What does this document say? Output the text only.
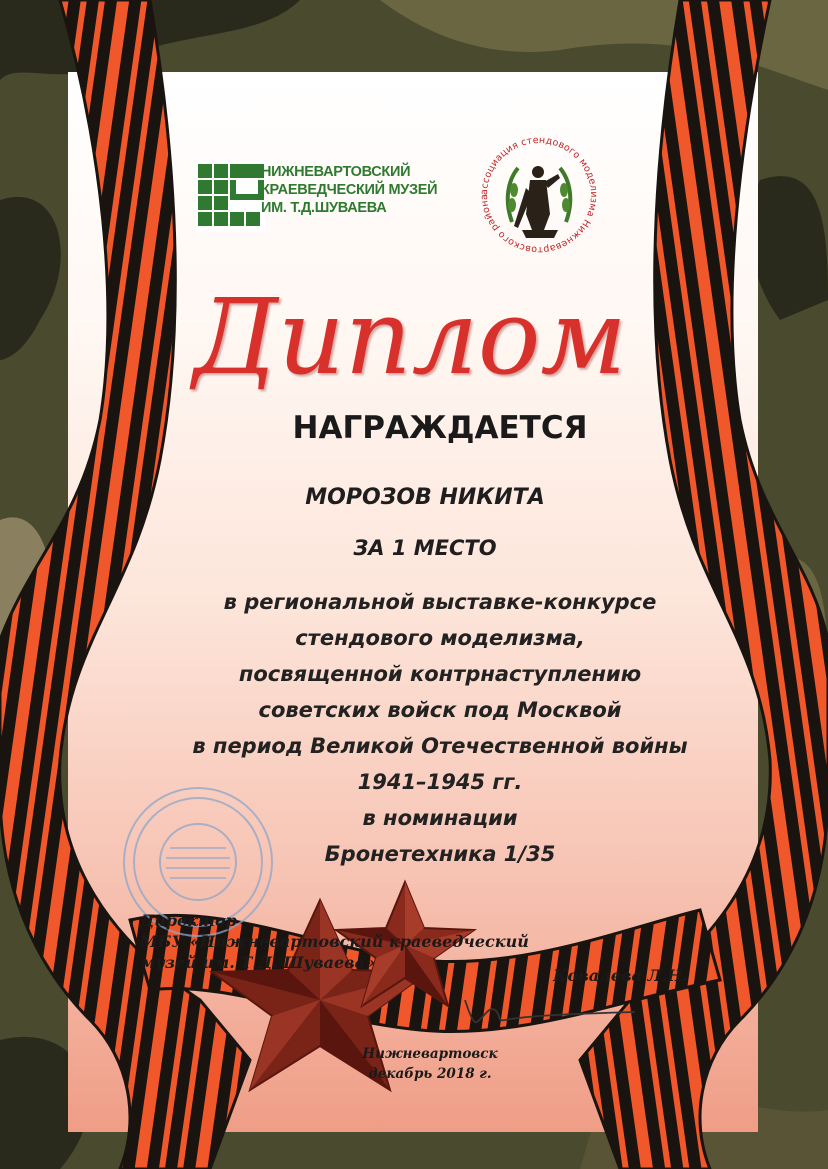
НИЖНЕВАРТОВСКИЙ
КРАЕВЕДЧЕСКИЙ МУЗЕЙ
ИМ. Т.Д.ШУВАЕВА
ассоциация стендового моделизма Нижневартовского района
Диплом
НАГРАЖДАЕТСЯ
МОРОЗОВ НИКИТА
ЗА 1 МЕСТО
в региональной выставке-конкурсе
стендового моделизма,
посвященной контрнаступлению
советских войск под Москвой
в период Великой Отечественной войны
1941–1945 гг.
в номинации
Бронетехника 1/35
Директор
МБУ «Нижневартовский краеведческий
музей им. Т.Д. Шуваева»
Ковалева Л.Н.
Нижневартовск
декабрь 2018 г.
